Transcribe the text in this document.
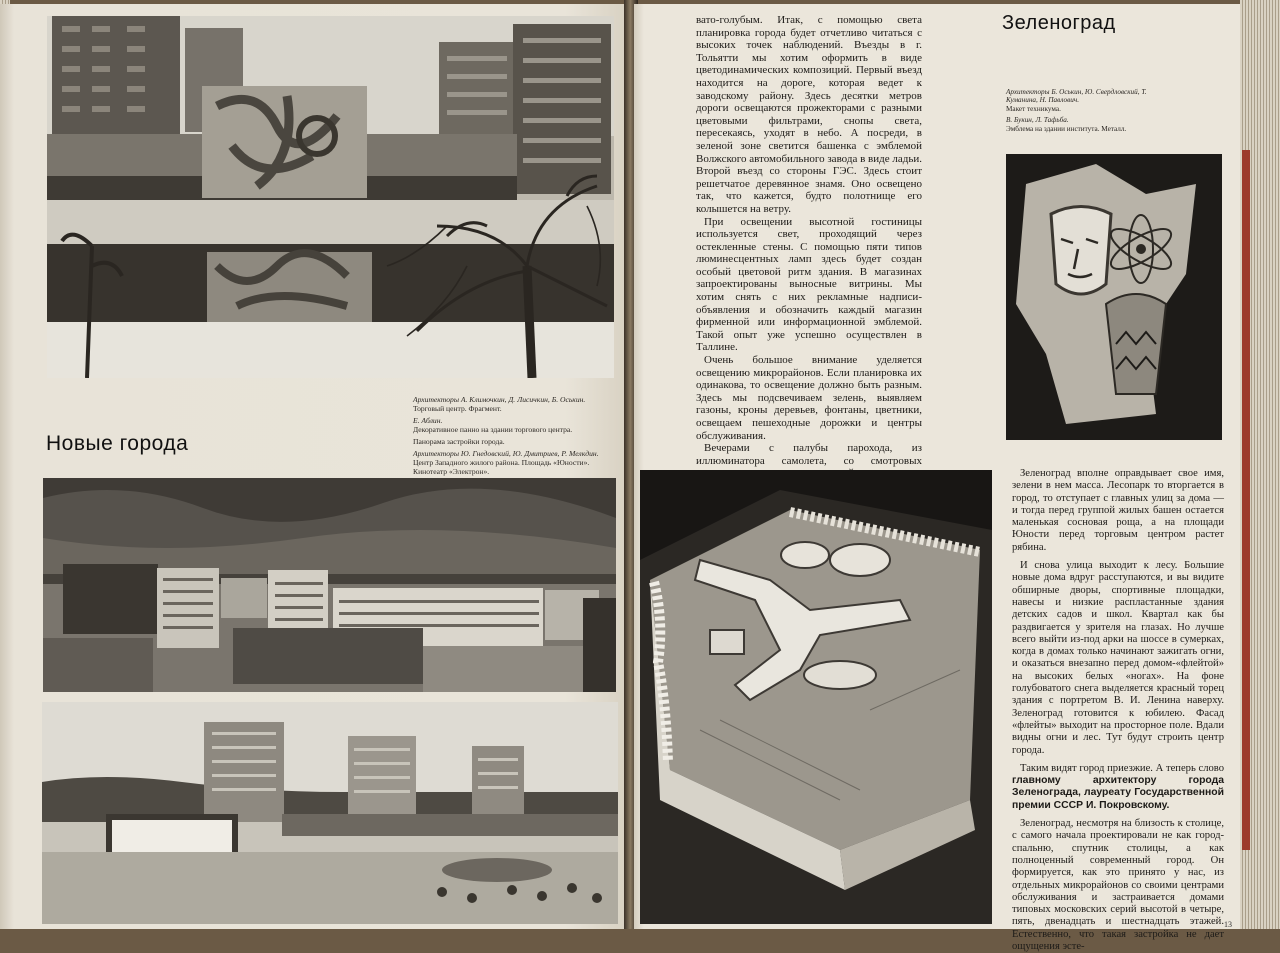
Архитекторы А. Климочкин, Д. Лисичкин, Б. Оськин.
Торговый центр. Фрагмент.
Е. Аблин.
Декоративное панно на здании торгового центра.
Панорама застройки города.
Архитекторы Ю. Гнедовский, Ю. Дмитриев, Р. Мелкдин.
Центр Западного жилого района. Площадь «Юности». Кинотеатр «Электрон».
Новые города

вато-голубым. Итак, с помощью света планировка города будет отчетливо читаться с высоких точек наблюдений. Въезды в г. Тольятти мы хотим оформить в виде цветодинамических композиций. Первый въезд находится на дороге, которая ведет к заводскому району. Здесь десятки метров дороги освещаются прожекторами с разными цветовыми фильтрами, снопы света, пересекаясь, уходят в небо. А посреди, в зеленой зоне светится башенка с эмблемой Волжского автомобильного завода в виде ладьи. Второй въезд со стороны ГЭС. Здесь стоит решетчатое деревянное знамя. Оно освещено так, что кажется, будто полотнище его колышется на ветру.

При освещении высотной гостиницы используется свет, проходящий через остекленные стены. С помощью пяти типов люминесцентных ламп здесь будет создан особый цветовой ритм здания. В магазинах запроектированы выносные витрины. Мы хотим снять с них рекламные надписи-объявления и обозначить каждый магазин фирменной или информационной эмблемой. Такой опыт уже успешно осуществлен в Таллине.

Очень большое внимание уделяется освещению микрорайонов. Если планировка их одинакова, то освещение должно быть разным. Здесь мы подсвечиваем зелень, выявляем газоны, кроны деревьев, фонтаны, цветники, освещаем пешеходные дорожки и центры обслуживания.

Вечерами с палубы парохода, из иллюминатора самолета, со смотровых

Зеленоград
Архитекторы Б. Оськин, Ю. Свердловский, Т. Куманина, Н. Павлович.
Макет техникума.
В. Букин, Л. Тафьба.
Эмблема на здании института. Металл.

Зеленоград вполне оправдывает свое имя, зелени в нем масса. Лесопарк то вторгается в город, то отступает с главных улиц за дома — и тогда перед группой жилых башен остается маленькая сосновая роща, а на площади Юности перед торговым центром растет рябина.

И снова улица выходит к лесу. Большие новые дома вдруг расступаются, и вы видите обширные дворы, спортивные площадки, навесы и низкие распластанные здания детских садов и школ. Квартал как бы раздвигается у зрителя на глазах. Но лучше всего выйти из-под арки на шоссе в сумерках, когда в домах только начинают зажигать огни, и оказаться внезапно перед домом-«флейтой» на высоких белых «ногах». На фоне голубоватого снега выделяется красный торец здания с портретом В. И. Ленина наверху. Зеленоград готовится к юбилею. Фасад «флейты» выходит на просторное поле. Вдали видны огни и лес. Тут будут строить центр города.

Таким видят город приезжие. А теперь слово главному архитектору города Зеленограда, лауреату Государственной премии СССР И. Покровскому.

Зеленоград, несмотря на близость к столице, с самого начала проектировали не как город-спальню, спутник столицы, а как полноценный современный город. Он формируется, как это принято у нас, из отдельных микрорайонов со своими центрами обслуживания и застраивается домами типовых московских серий высотой в четыре, пять, двенадцать и шестнадцать этажей. Естественно, что такая застройка не дает ощущения эсте-

13
